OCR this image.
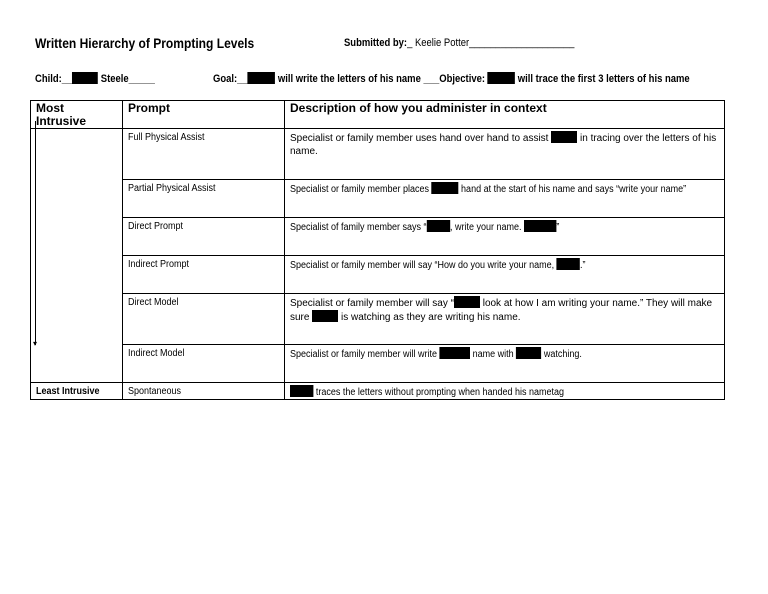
Written Hierarchy of Prompting Levels	Submitted by:_ Keelie Potter____________________
Child:__ Steele_____	Goal:__	will write the letters of his name ___Objective:	will trace the first 3 letters of his name
Most Intrusive	Prompt	Description of how you administer in context
	Full Physical Assist	Specialist or family member uses hand over hand to assist in tracing over the letters of his name.
	Partial Physical Assist	Specialist or family member places hand at the start of his name and says “write your name”
	Direct Prompt	Specialist of family member says “ , write your name. ”
	Indirect Prompt	Specialist or family member will say “How do you write your name, .”
	Direct Model	Specialist or family member will say “ look at how I am writing your name.” They will make sure is watching as they are writing his name.
	Indirect Model	Specialist or family member will write name with watching.
Least Intrusive	Spontaneous	traces the letters without prompting when handed his nametag
▾
